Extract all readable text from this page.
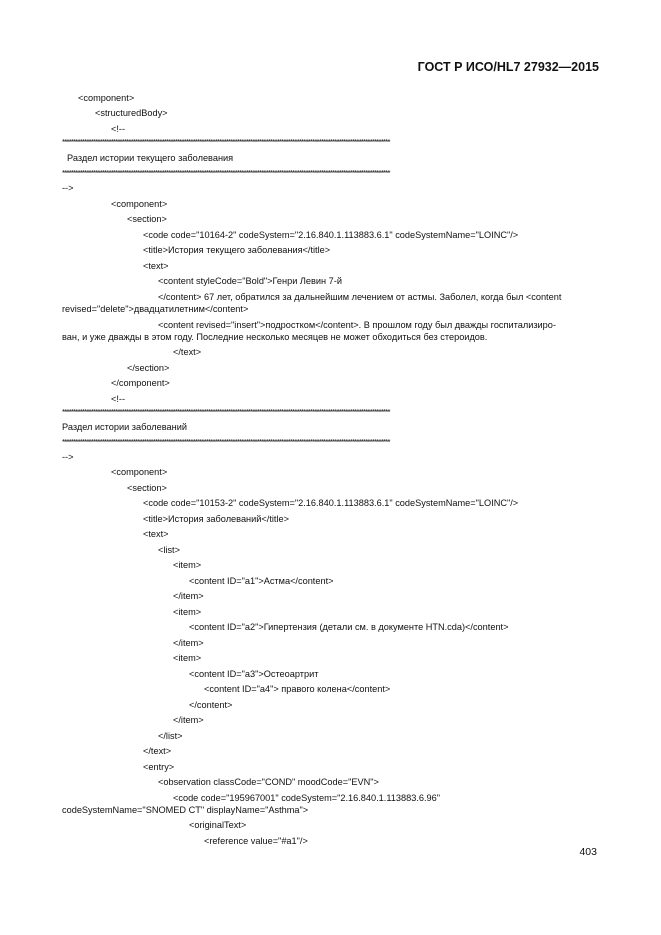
ГОСТ Р ИСО/HL7 27932—2015
<component>
<structuredBody>
<!--
****************************************************************************************************************************************************
Раздел истории текущего заболевания
****************************************************************************************************************************************************
-->
<component>
<section>
<code code="10164-2" codeSystem="2.16.840.1.113883.6.1" codeSystemName="LOINC"/>
<title>История текущего заболевания</title>
<text>
<content styleCode="Bold">Генри Левин 7-й
</content> 67 лет, обратился за дальнейшим лечением от астмы. Заболел, когда был <content
revised="delete">двадцатилетним</content>
<content revised="insert">подростком</content>. В прошлом году был дважды госпитализиро-
ван, и уже дважды в этом году. Последние несколько месяцев не может обходиться без стероидов.
</text>
</section>
</component>
<!--
****************************************************************************************************************************************************
Раздел истории заболеваний
****************************************************************************************************************************************************
-->
<component>
<section>
<code code="10153-2" codeSystem="2.16.840.1.113883.6.1" codeSystemName="LOINC"/>
<title>История заболеваний</title>
<text>
<list>
<item>
<content ID="a1">Астма</content>
</item>
<item>
<content ID="a2">Гипертензия (детали см. в документе HTN.cda)</content>
</item>
<item>
<content ID="a3">Остеоартрит
<content ID="a4"> правого колена</content>
</content>
</item>
</list>
</text>
<entry>
<observation classCode="COND" moodCode="EVN">
<code code="195967001" codeSystem="2.16.840.1.113883.6.96"
codeSystemName="SNOMED CT" displayName="Asthma">
<originalText>
<reference value="#a1"/>
403
